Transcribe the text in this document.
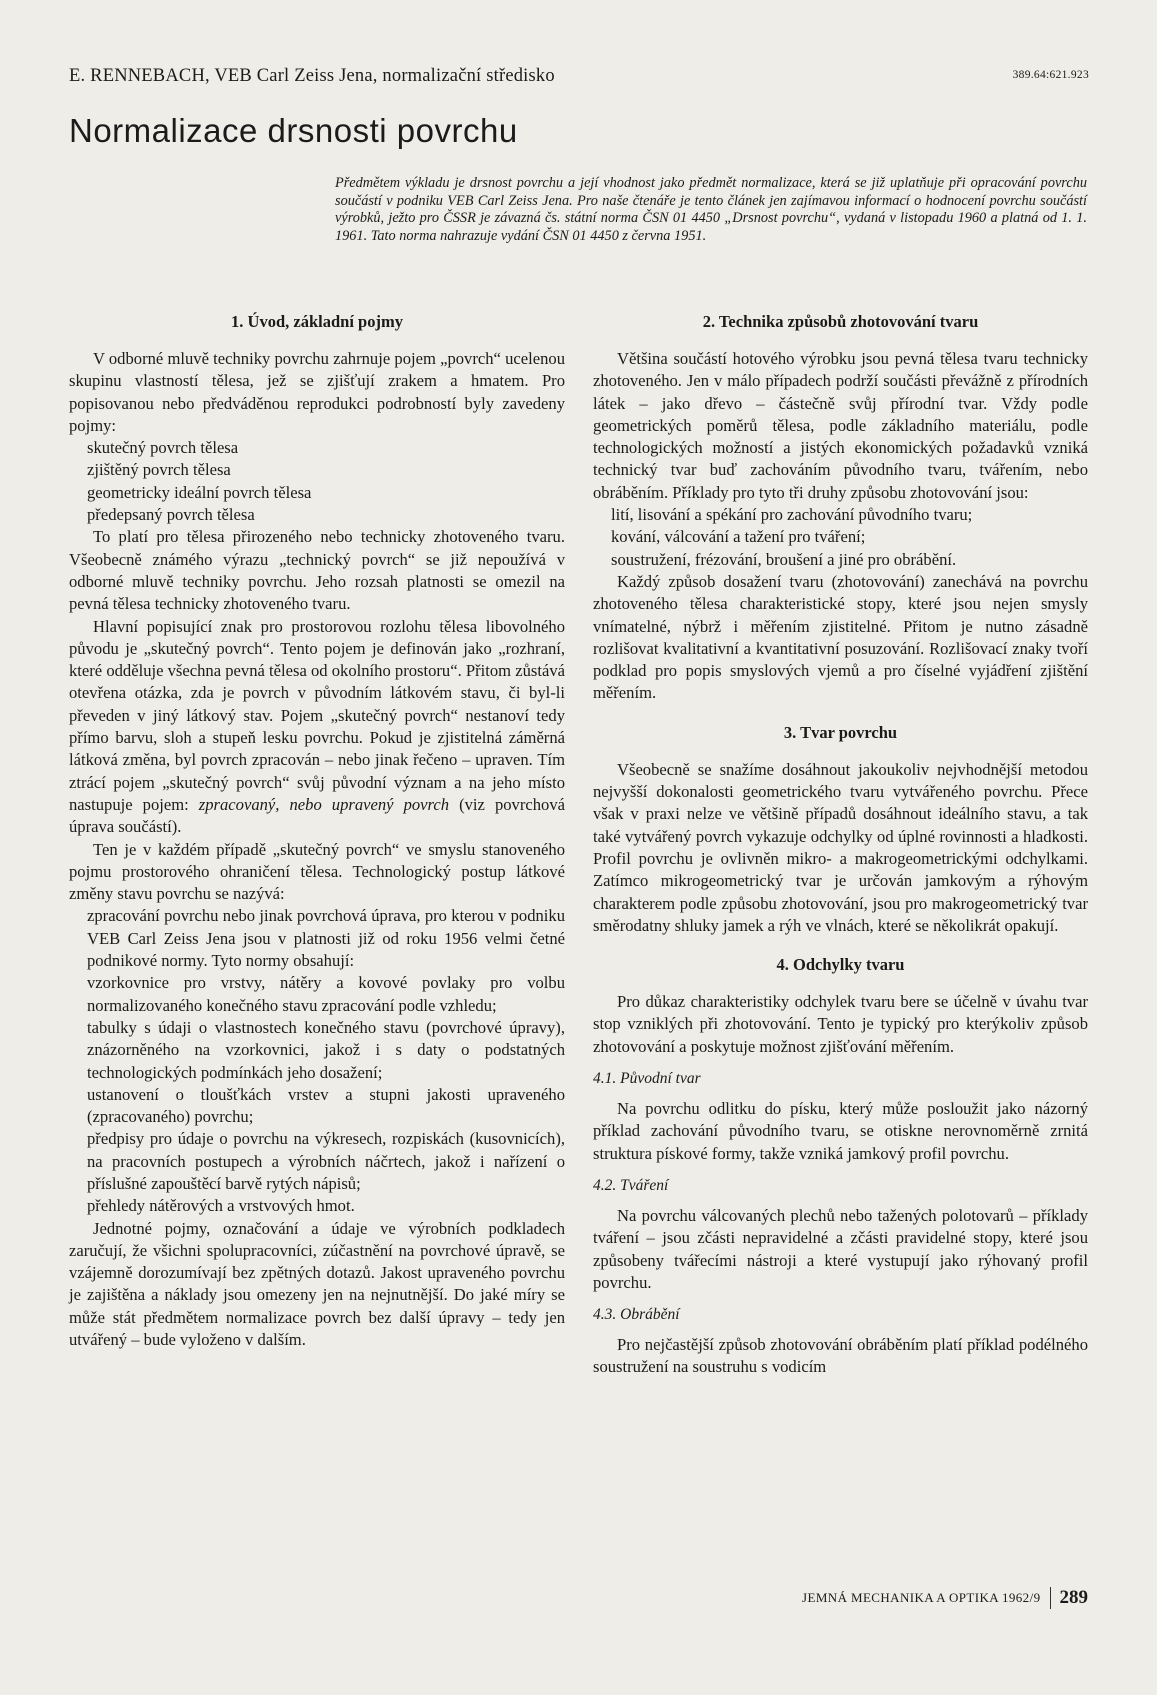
E. RENNEBACH, VEB Carl Zeiss Jena, normalizační středisko	389.64:621.923
Normalizace drsnosti povrchu

Předmětem výkladu je drsnost povrchu a její vhodnost jako předmět normalizace, která se již uplatňuje při opracování povrchu součástí v podniku VEB Carl Zeiss Jena. Pro naše čtenáře je tento článek jen zajímavou informací o hodnocení povrchu součástí výrobků, ježto pro ČSSR je závazná čs. státní norma ČSN 01 4450 „Drsnost povrchu“, vydaná v listopadu 1960 a platná od 1. 1. 1961. Tato norma nahrazuje vydání ČSN 01 4450 z června 1951.

1. Úvod, základní pojmy

V odborné mluvě techniky povrchu zahrnuje pojem „povrch“ ucelenou skupinu vlastností tělesa, jež se zjišťují zrakem a hmatem. Pro popisovanou nebo předváděnou reprodukci podrobností byly zavedeny pojmy:

skutečný povrch tělesa

zjištěný povrch tělesa

geometricky ideální povrch tělesa

předepsaný povrch tělesa

To platí pro tělesa přirozeného nebo technicky zhotoveného tvaru. Všeobecně známého výrazu „technický povrch“ se již nepoužívá v odborné mluvě techniky povrchu. Jeho rozsah platnosti se omezil na pevná tělesa technicky zhotoveného tvaru.

Hlavní popisující znak pro prostorovou rozlohu tělesa libovolného původu je „skutečný povrch“. Tento pojem je definován jako „rozhraní, které odděluje všechna pevná tělesa od okolního prostoru“. Přitom zůstává otevřena otázka, zda je povrch v původním látkovém stavu, či byl-li převeden v jiný látkový stav. Pojem „skutečný povrch“ nestanoví tedy přímo barvu, sloh a stupeň lesku povrchu. Pokud je zjistitelná záměrná látková změna, byl povrch zpracován – nebo jinak řečeno – upraven. Tím ztrácí pojem „skutečný povrch“ svůj původní význam a na jeho místo nastupuje pojem: zpracovaný, nebo upravený povrch (viz povrchová úprava součástí).

Ten je v každém případě „skutečný povrch“ ve smyslu stanoveného pojmu prostorového ohraničení tělesa. Technologický postup látkové změny stavu povrchu se nazývá:

zpracování povrchu nebo jinak povrchová úprava, pro kterou v podniku VEB Carl Zeiss Jena jsou v platnosti již od roku 1956 velmi četné podnikové normy. Tyto normy obsahují:

vzorkovnice pro vrstvy, nátěry a kovové povlaky pro volbu normalizovaného konečného stavu zpracování podle vzhledu;

tabulky s údaji o vlastnostech konečného stavu (povrchové úpravy), znázorněného na vzorkovnici, jakož i s daty o podstatných technologických podmínkách jeho dosažení;

ustanovení o tloušťkách vrstev a stupni jakosti upraveného (zpracovaného) povrchu;

předpisy pro údaje o povrchu na výkresech, rozpiskách (kusovnicích), na pracovních postupech a výrobních náčrtech, jakož i nařízení o příslušné zapouštěcí barvě rytých nápisů;

přehledy nátěrových a vrstvových hmot.

Jednotné pojmy, označování a údaje ve výrobních podkladech zaručují, že všichni spolupracovníci, zúčastnění na povrchové úpravě, se vzájemně dorozumívají bez zpětných dotazů. Jakost upraveného povrchu je zajištěna a náklady jsou omezeny jen na nejnutnější. Do jaké míry se může stát předmětem normalizace povrch bez další úpravy – tedy jen utvářený – bude vyloženo v dalším.

2. Technika způsobů zhotovování tvaru

Většina součástí hotového výrobku jsou pevná tělesa tvaru technicky zhotoveného. Jen v málo případech podrží součásti převážně z přírodních látek – jako dřevo – částečně svůj přírodní tvar. Vždy podle geometrických poměrů tělesa, podle základního materiálu, podle technologických možností a jistých ekonomických požadavků vzniká technický tvar buď zachováním původního tvaru, tvářením, nebo obráběním. Příklady pro tyto tři druhy způsobu zhotovování jsou:

lití, lisování a spékání pro zachování původního tvaru;

kování, válcování a tažení pro tváření;

soustružení, frézování, broušení a jiné pro obrábění.

Každý způsob dosažení tvaru (zhotovování) zanechává na povrchu zhotoveného tělesa charakteristické stopy, které jsou nejen smysly vnímatelné, nýbrž i měřením zjistitelné. Přitom je nutno zásadně rozlišovat kvalitativní a kvantitativní posuzování. Rozlišovací znaky tvoří podklad pro popis smyslových vjemů a pro číselné vyjádření zjištění měřením.

3. Tvar povrchu

Všeobecně se snažíme dosáhnout jakoukoliv nejvhodnější metodou nejvyšší dokonalosti geometrického tvaru vytvářeného povrchu. Přece však v praxi nelze ve většině případů dosáhnout ideálního stavu, a tak také vytvářený povrch vykazuje odchylky od úplné rovinnosti a hladkosti. Profil povrchu je ovlivněn mikro- a makrogeometrickými odchylkami. Zatímco mikrogeometrický tvar je určován jamkovým a rýhovým charakterem podle způsobu zhotovování, jsou pro makrogeometrický tvar směrodatny shluky jamek a rýh ve vlnách, které se několikrát opakují.

4. Odchylky tvaru

Pro důkaz charakteristiky odchylek tvaru bere se účelně v úvahu tvar stop vzniklých při zhotovování. Tento je typický pro kterýkoliv způsob zhotovování a poskytuje možnost zjišťování měřením.

4.1. Původní tvar

Na povrchu odlitku do písku, který může posloužit jako názorný příklad zachování původního tvaru, se otiskne nerovnoměrně zrnitá struktura pískové formy, takže vzniká jamkový profil povrchu.

4.2. Tváření

Na povrchu válcovaných plechů nebo tažených polotovarů – příklady tváření – jsou zčásti nepravidelné a zčásti pravidelné stopy, které jsou způsobeny tvářecími nástroji a které vystupují jako rýhovaný profil povrchu.

4.3. Obrábění

Pro nejčastější způsob zhotovování obráběním platí příklad podélného soustružení na soustruhu s vodicím

JEMNÁ MECHANIKA A OPTIKA 1962/9 289
